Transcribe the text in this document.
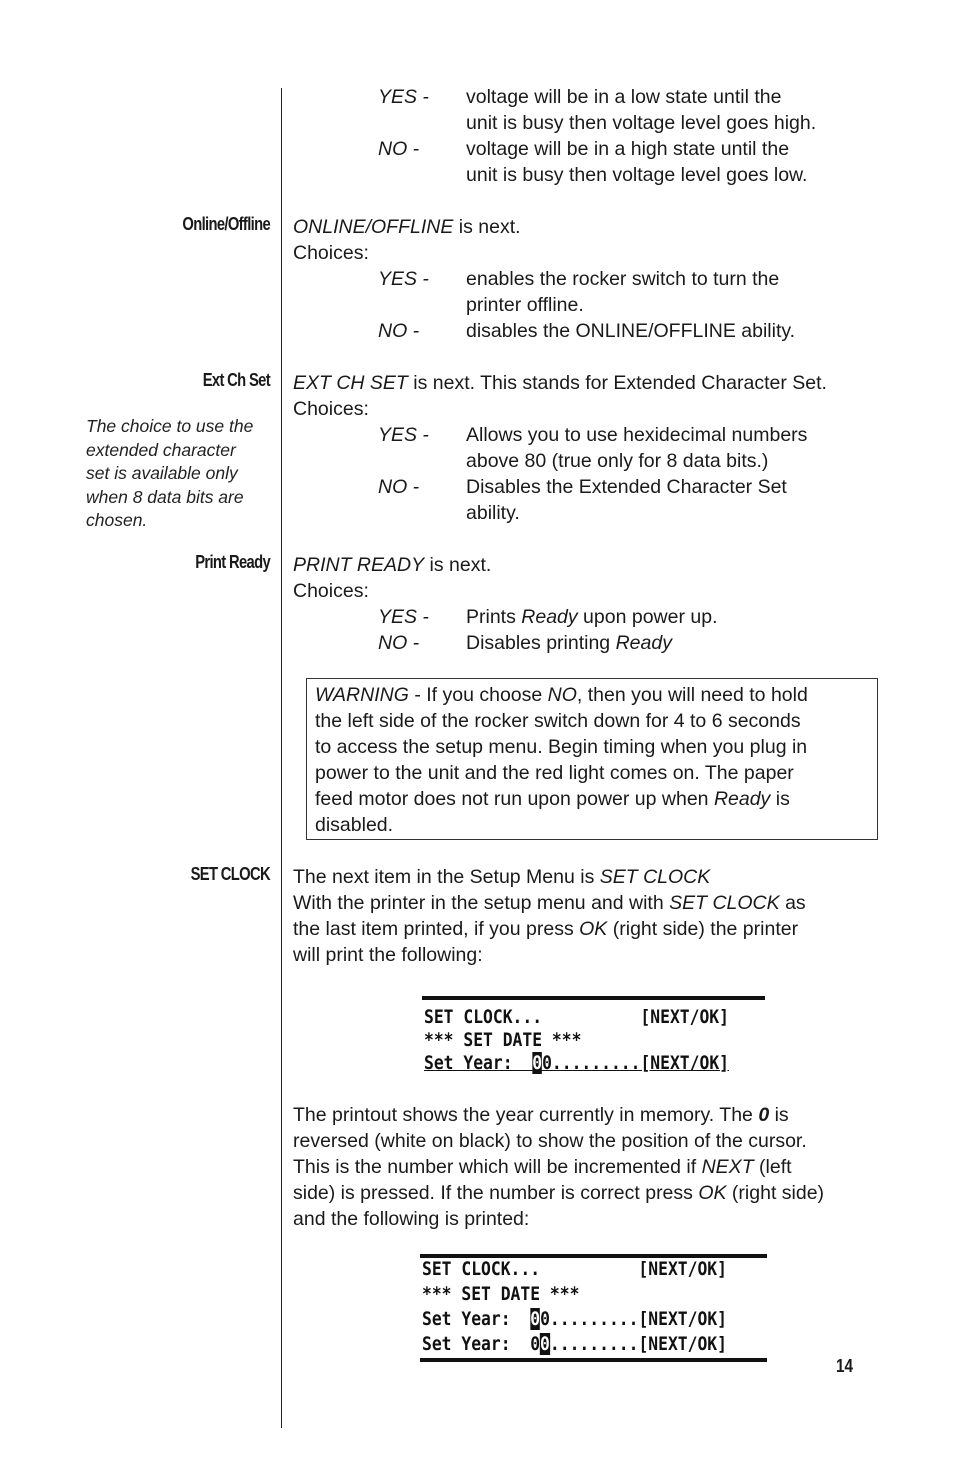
YES - voltage will be in a low state until the
unit is busy then voltage level goes high.
NO - voltage will be in a high state until the
unit is busy then voltage level goes low.
Online/Offline ONLINE/OFFLINE is next.
Choices:
YES - enables the rocker switch to turn the
printer offline.
NO - disables the ONLINE/OFFLINE ability.
Ext Ch Set
The choice to use the
extended character
set is available only
when 8 data bits are
chosen.
EXT CH SET is next. This stands for Extended Character Set.
Choices:
YES - Allows you to use hexidecimal numbers
above 80 (true only for 8 data bits.)
NO - Disables the Extended Character Set
ability.
Print Ready PRINT READY is next.
Choices:
YES - Prints Ready upon power up.
NO - Disables printing Ready
WARNING - If you choose NO, then you will need to hold
the left side of the rocker switch down for 4 to 6 seconds
to access the setup menu. Begin timing when you plug in
power to the unit and the red light comes on. The paper
feed motor does not run upon power up when Ready is
disabled.
SET CLOCK The next item in the Setup Menu is SET CLOCK
With the printer in the setup menu and with SET CLOCK as
the last item printed, if you press OK (right side) the printer
will print the following:
SET CLOCK...          [NEXT/OK]
*** SET DATE ***
Set Year:  00.........[NEXT/OK]
The printout shows the year currently in memory. The 0 is
reversed (white on black) to show the position of the cursor.
This is the number which will be incremented if NEXT (left
side) is pressed. If the number is correct press OK (right side)
and the following is printed:
SET CLOCK...          [NEXT/OK]
*** SET DATE ***
Set Year:  00.........[NEXT/OK]
Set Year:  00.........[NEXT/OK]
14
